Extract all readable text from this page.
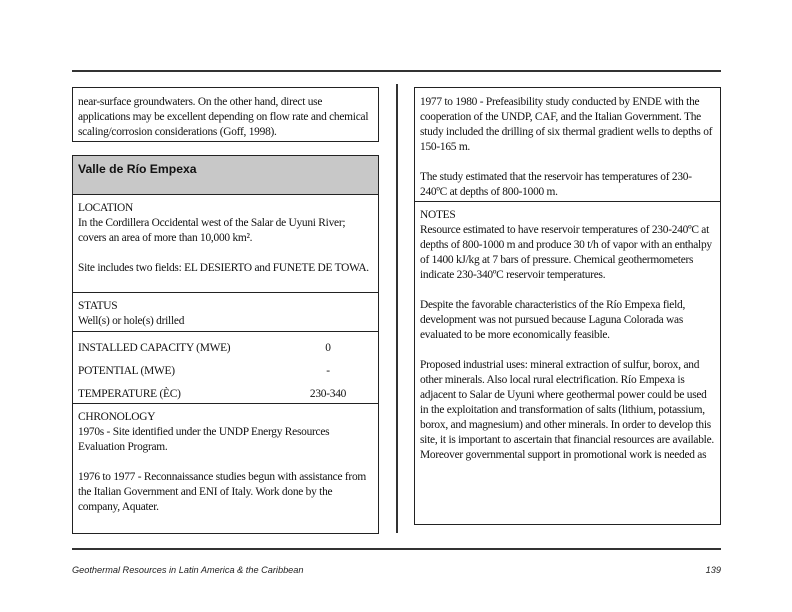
near-surface groundwaters. On the other hand, direct use applications may be excellent depending on flow rate and chemical scaling/corrosion considerations (Goff, 1998).

Valle de Río Empexa
LOCATION
In the Cordillera Occidental west of the Salar de Uyuni River; covers an area of more than 10,000 km².
Site includes two fields: EL DESIERTO and FUNETE DE TOWA.
STATUS
Well(s) or hole(s) drilled
INSTALLED CAPACITY (MWE)	0
POTENTIAL (MWE)	-
TEMPERATURE (ÈC)	230-340
CHRONOLOGY
1970s - Site identified under the UNDP Energy Resources Evaluation Program.
1976 to 1977 - Reconnaissance studies begun with assistance from the Italian Government and ENI of Italy. Work done by the company, Aquater.
1977 to 1980 - Prefeasibility study conducted by ENDE with the cooperation of the UNDP, CAF, and the Italian Government. The study included the drilling of six thermal gradient wells to depths of 150-165 m.
The study estimated that the reservoir has temperatures of 230-240ºC at depths of 800-1000 m.
NOTES
Resource estimated to have reservoir temperatures of 230-240ºC at depths of 800-1000 m and produce 30 t/h of vapor with an enthalpy of 1400 kJ/kg at 7 bars of pressure. Chemical geothermometers indicate 230-340ºC reservoir temperatures.
Despite the favorable characteristics of the Río Empexa field, development was not pursued because Laguna Colorada was evaluated to be more economically feasible.
Proposed industrial uses: mineral extraction of sulfur, borox, and other minerals. Also local rural electrification. Río Empexa is adjacent to Salar de Uyuni where geothermal power could be used in the exploitation and transformation of salts (lithium, potassium, borox, and magnesium) and other minerals. In order to develop this site, it is important to ascertain that financial resources are available. Moreover governmental support in promotional work is needed as
Geothermal Resources in Latin America & the Caribbean	139
